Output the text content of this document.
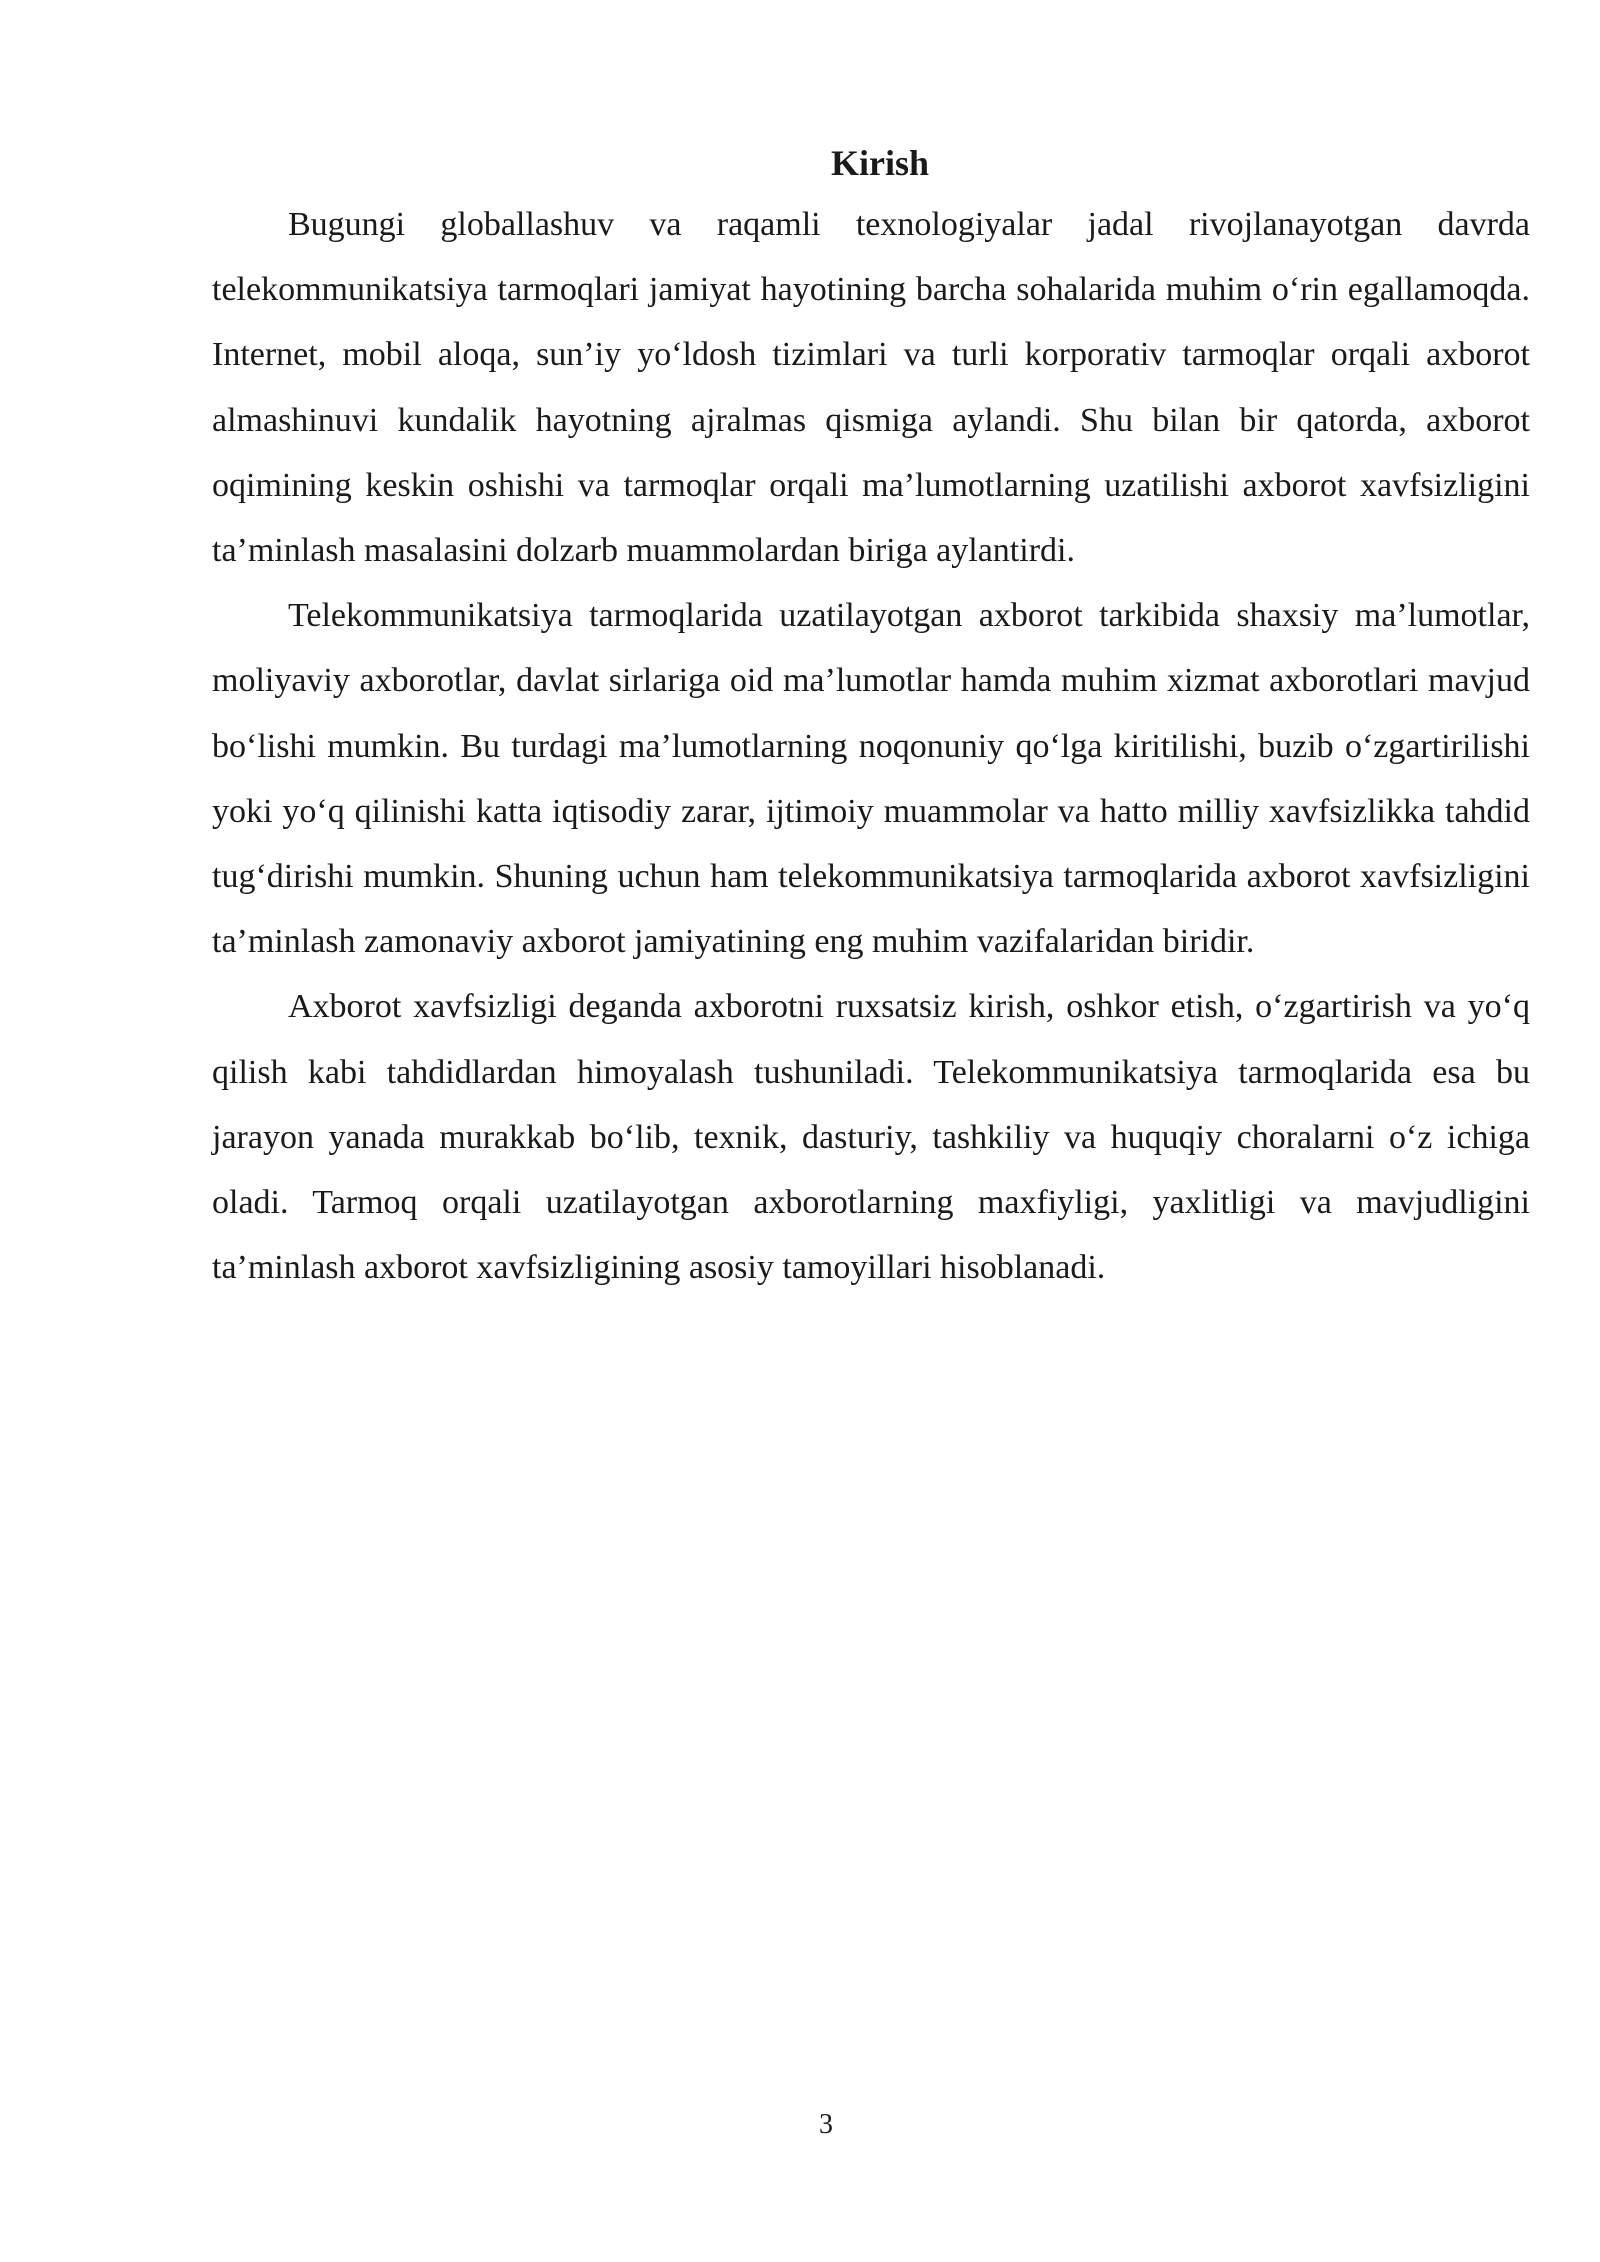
Kirish

Bugungi globallashuv va raqamli texnologiyalar jadal rivojlanayotgan davrda telekommunikatsiya tarmoqlari jamiyat hayotining barcha sohalarida muhim o‘rin egallamoqda. Internet, mobil aloqa, sun’iy yo‘ldosh tizimlari va turli korporativ tarmoqlar orqali axborot almashinuvi kundalik hayotning ajralmas qismiga aylandi. Shu bilan bir qatorda, axborot oqimining keskin oshishi va tarmoqlar orqali ma’lumotlarning uzatilishi axborot xavfsizligini ta’minlash masalasini dolzarb muammolardan biriga aylantirdi.

Telekommunikatsiya tarmoqlarida uzatilayotgan axborot tarkibida shaxsiy ma’lumotlar, moliyaviy axborotlar, davlat sirlariga oid ma’lumotlar hamda muhim xizmat axborotlari mavjud bo‘lishi mumkin. Bu turdagi ma’lumotlarning noqonuniy qo‘lga kiritilishi, buzib o‘zgartirilishi yoki yo‘q qilinishi katta iqtisodiy zarar, ijtimoiy muammolar va hatto milliy xavfsizlikka tahdid tug‘dirishi mumkin. Shuning uchun ham telekommunikatsiya tarmoqlarida axborot xavfsizligini ta’minlash zamonaviy axborot jamiyatining eng muhim vazifalaridan biridir.

Axborot xavfsizligi deganda axborotni ruxsatsiz kirish, oshkor etish, o‘zgartirish va yo‘q qilish kabi tahdidlardan himoyalash tushuniladi. Telekommunikatsiya tarmoqlarida esa bu jarayon yanada murakkab bo‘lib, texnik, dasturiy, tashkiliy va huquqiy choralarni o‘z ichiga oladi. Tarmoq orqali uzatilayotgan axborotlarning maxfiyligi, yaxlitligi va mavjudligini ta’minlash axborot xavfsizligining asosiy tamoyillari hisoblanadi.

3
